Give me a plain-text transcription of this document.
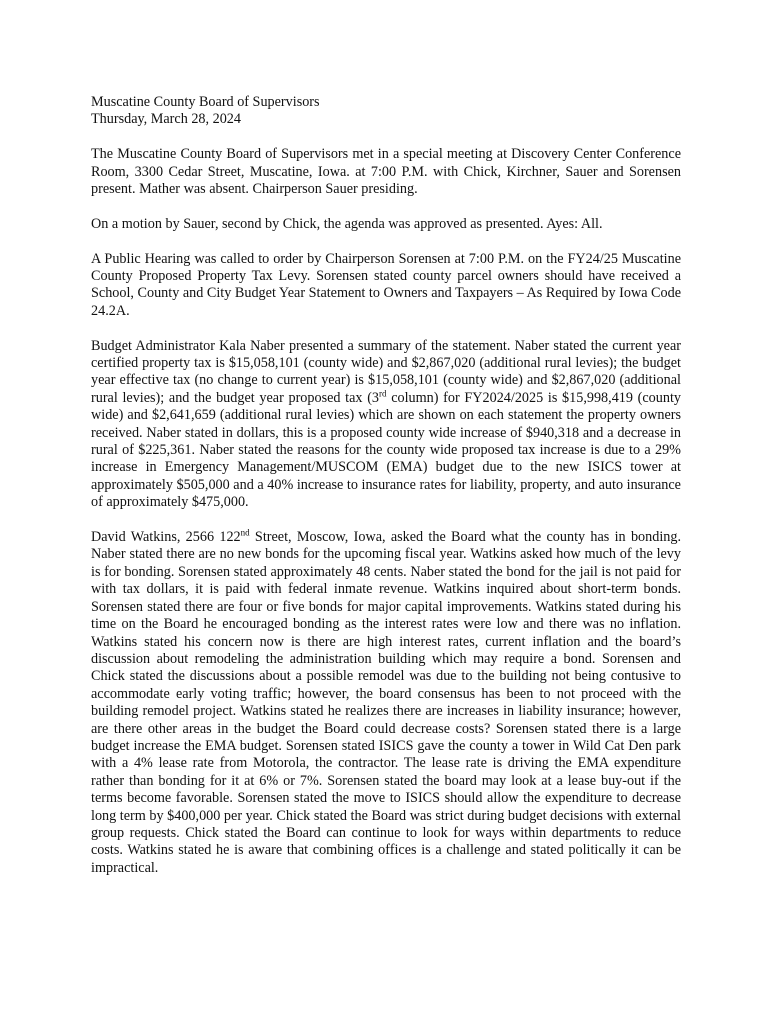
Muscatine County Board of Supervisors
Thursday, March 28, 2024

The Muscatine County Board of Supervisors met in a special meeting at Discovery Center Conference Room, 3300 Cedar Street, Muscatine, Iowa. at 7:00 P.M. with Chick, Kirchner, Sauer and Sorensen present. Mather was absent. Chairperson Sauer presiding.

On a motion by Sauer, second by Chick, the agenda was approved as presented. Ayes: All.

A Public Hearing was called to order by Chairperson Sorensen at 7:00 P.M. on the FY24/25 Muscatine County Proposed Property Tax Levy. Sorensen stated county parcel owners should have received a School, County and City Budget Year Statement to Owners and Taxpayers – As Required by Iowa Code 24.2A.

Budget Administrator Kala Naber presented a summary of the statement. Naber stated the current year certified property tax is $15,058,101 (county wide) and $2,867,020 (additional rural levies); the budget year effective tax (no change to current year) is $15,058,101 (county wide) and $2,867,020 (additional rural levies); and the budget year proposed tax (3rd column) for FY2024/2025 is $15,998,419 (county wide) and $2,641,659 (additional rural levies) which are shown on each statement the property owners received. Naber stated in dollars, this is a proposed county wide increase of $940,318 and a decrease in rural of $225,361. Naber stated the reasons for the county wide proposed tax increase is due to a 29% increase in Emergency Management/MUSCOM (EMA) budget due to the new ISICS tower at approximately $505,000 and a 40% increase to insurance rates for liability, property, and auto insurance of approximately $475,000.

David Watkins, 2566 122nd Street, Moscow, Iowa, asked the Board what the county has in bonding. Naber stated there are no new bonds for the upcoming fiscal year. Watkins asked how much of the levy is for bonding. Sorensen stated approximately 48 cents. Naber stated the bond for the jail is not paid for with tax dollars, it is paid with federal inmate revenue. Watkins inquired about short-term bonds. Sorensen stated there are four or five bonds for major capital improvements. Watkins stated during his time on the Board he encouraged bonding as the interest rates were low and there was no inflation. Watkins stated his concern now is there are high interest rates, current inflation and the board’s discussion about remodeling the administration building which may require a bond. Sorensen and Chick stated the discussions about a possible remodel was due to the building not being contusive to accommodate early voting traffic; however, the board consensus has been to not proceed with the building remodel project. Watkins stated he realizes there are increases in liability insurance; however, are there other areas in the budget the Board could decrease costs? Sorensen stated there is a large budget increase the EMA budget. Sorensen stated ISICS gave the county a tower in Wild Cat Den park with a 4% lease rate from Motorola, the contractor. The lease rate is driving the EMA expenditure rather than bonding for it at 6% or 7%. Sorensen stated the board may look at a lease buy-out if the terms become favorable. Sorensen stated the move to ISICS should allow the expenditure to decrease long term by $400,000 per year. Chick stated the Board was strict during budget decisions with external group requests. Chick stated the Board can continue to look for ways within departments to reduce costs. Watkins stated he is aware that combining offices is a challenge and stated politically it can be impractical.
